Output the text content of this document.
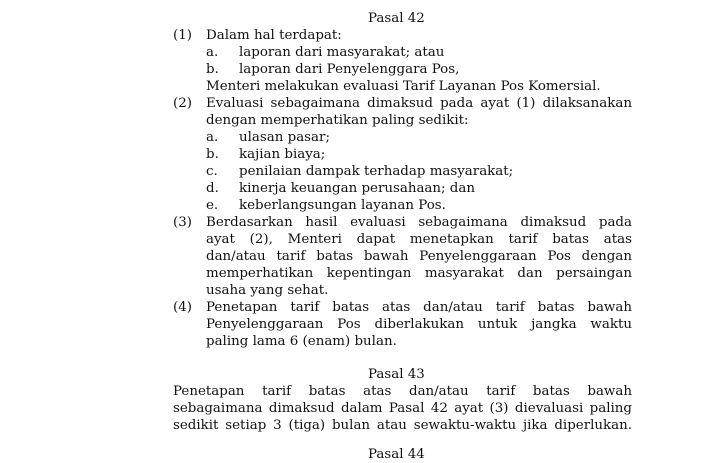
Pasal 42
(1) Dalam hal terdapat:
a. laporan dari masyarakat; atau
b. laporan dari Penyelenggara Pos,
Menteri melakukan evaluasi Tarif Layanan Pos Komersial.
(2) Evaluasi sebagaimana dimaksud pada ayat (1) dilaksanakan
dengan memperhatikan paling sedikit:
a. ulasan pasar;
b. kajian biaya;
c. penilaian dampak terhadap masyarakat;
d. kinerja keuangan perusahaan; dan
e. keberlangsungan layanan Pos.
(3) Berdasarkan hasil evaluasi sebagaimana dimaksud pada
ayat (2), Menteri dapat menetapkan tarif batas atas
dan/atau tarif batas bawah Penyelenggaraan Pos dengan
memperhatikan kepentingan masyarakat dan persaingan
usaha yang sehat.
(4) Penetapan tarif batas atas dan/atau tarif batas bawah
Penyelenggaraan Pos diberlakukan untuk jangka waktu
paling lama 6 (enam) bulan.
Pasal 43
Penetapan tarif batas atas dan/atau tarif batas bawah
sebagaimana dimaksud dalam Pasal 42 ayat (3) dievaluasi paling
sedikit setiap 3 (tiga) bulan atau sewaktu-waktu jika diperlukan.
Pasal 44
